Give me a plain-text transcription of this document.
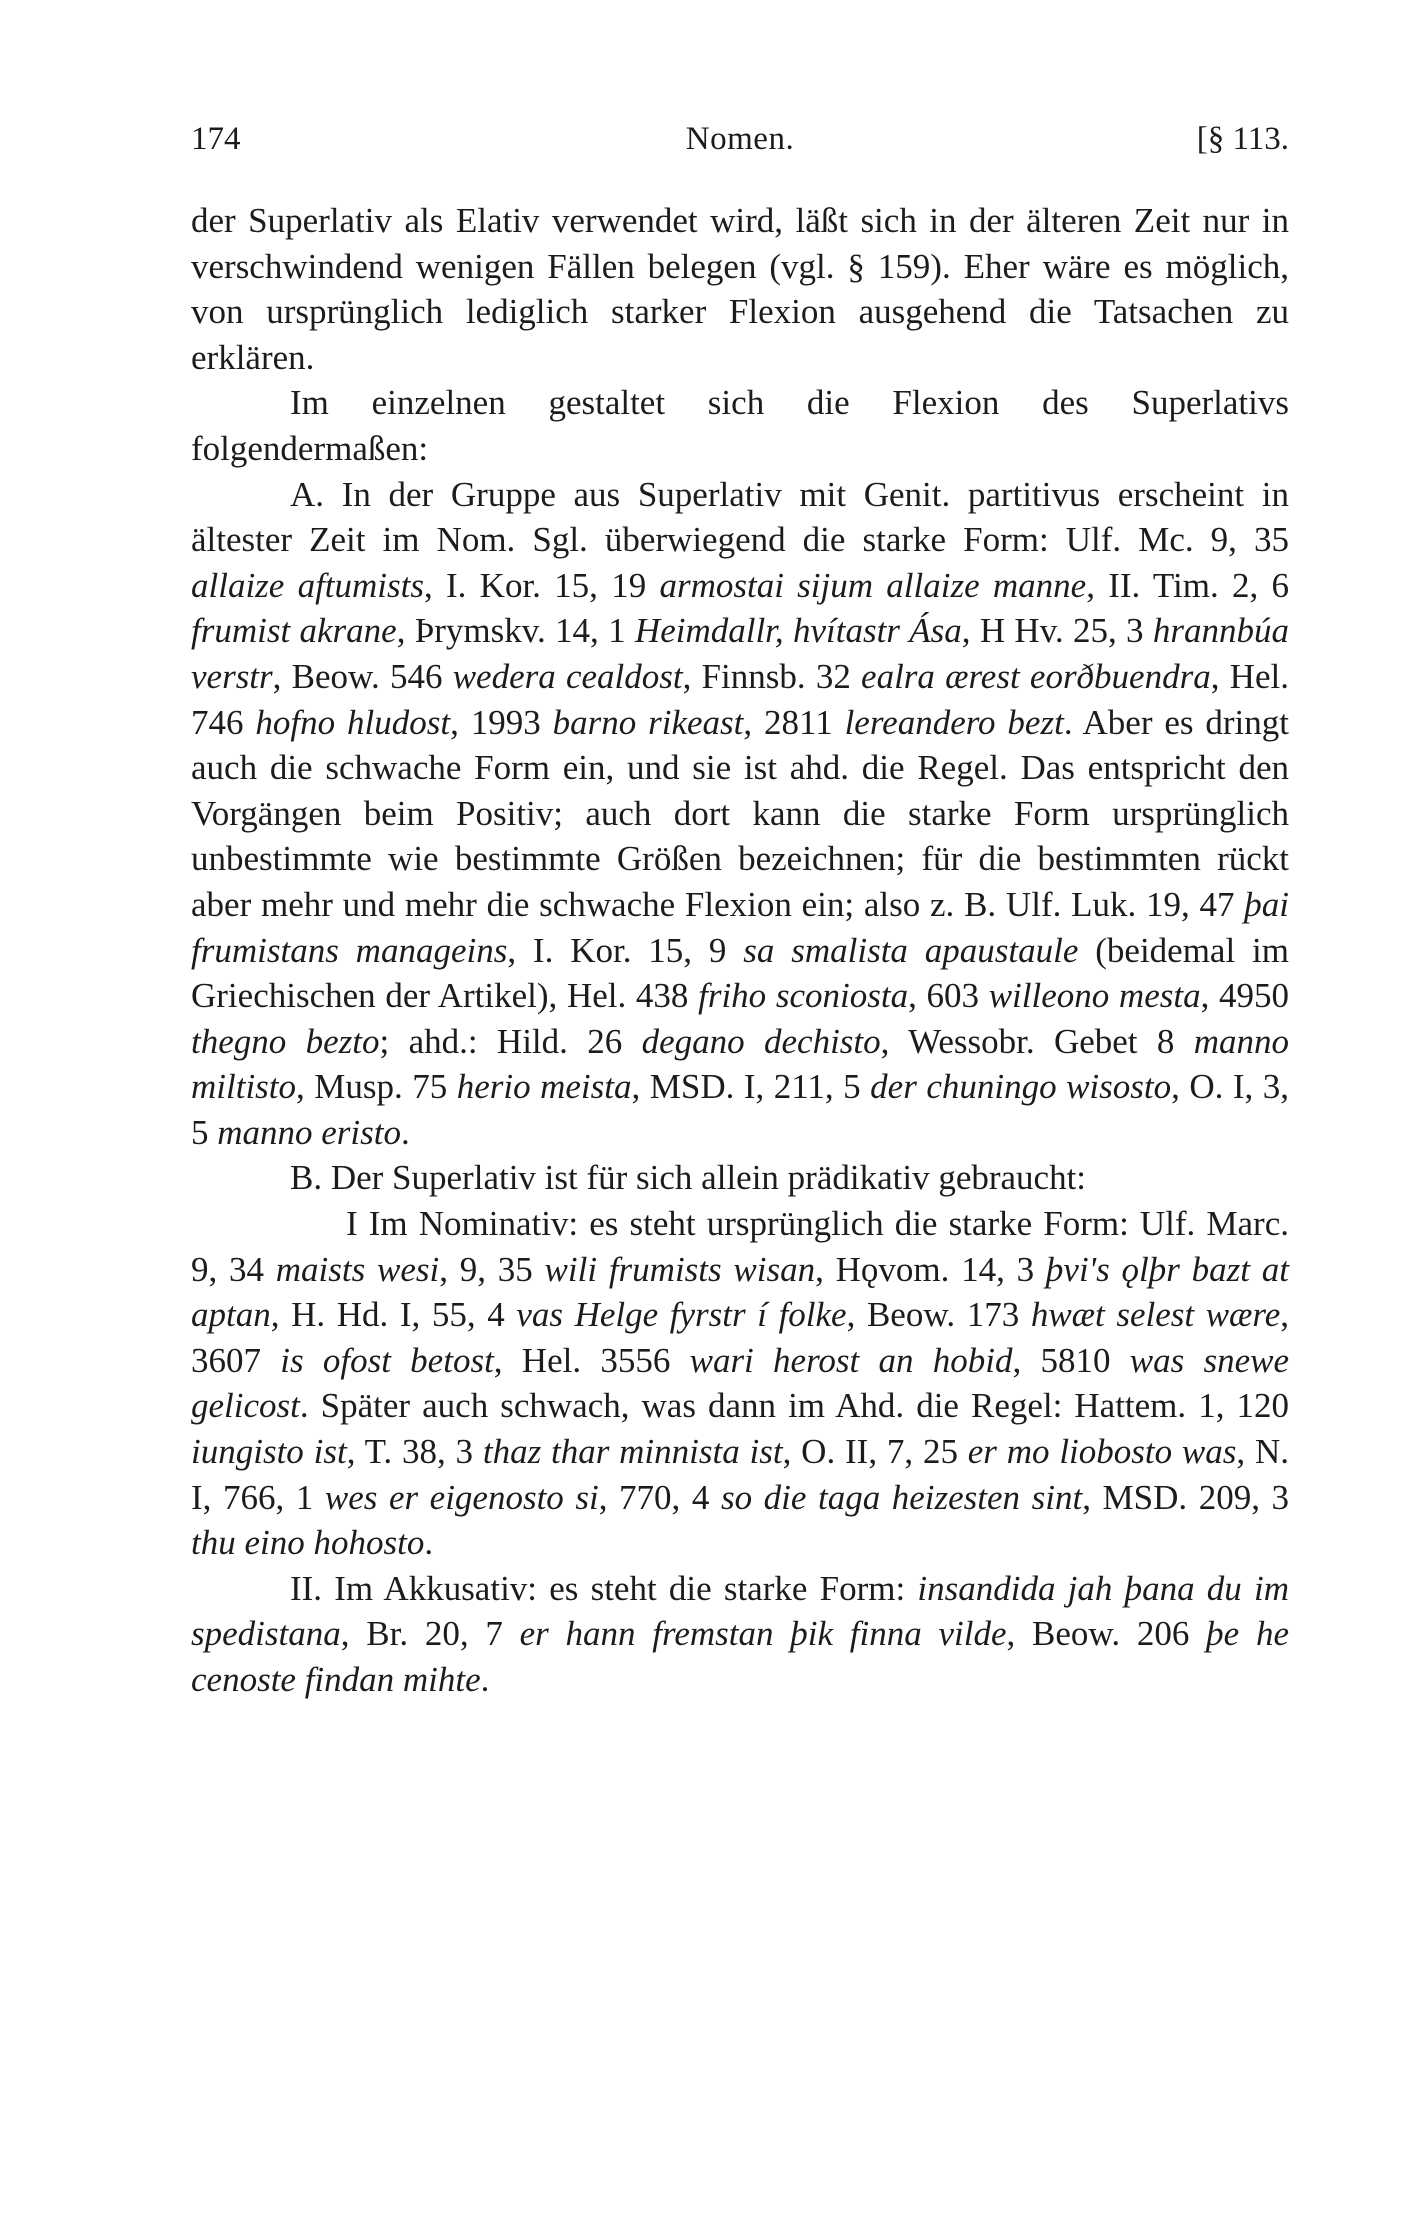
174	Nomen.	[§ 113.

der Superlativ als Elativ verwendet wird, läßt sich in der älteren Zeit nur in verschwindend wenigen Fällen belegen (vgl. § 159). Eher wäre es möglich, von ursprünglich lediglich starker Flexion ausgehend die Tatsachen zu erklären.

Im einzelnen gestaltet sich die Flexion des Superlativs folgendermaßen:

A. In der Gruppe aus Superlativ mit Genit. partitivus erscheint in ältester Zeit im Nom. Sgl. überwiegend die starke Form: Ulf. Mc. 9, 35 allaize aftumists, I. Kor. 15, 19 armostai sijum allaize manne, II. Tim. 2, 6 frumist akrane, Þrymskv. 14, 1 Heimdallr, hvítastr Ása, H Hv. 25, 3 hrannbúa verstr, Beow. 546 wedera cealdost, Finnsb. 32 ealra ærest eorðbuendra, Hel. 746 hofno hludost, 1993 barno rikeast, 2811 lereandero bezt. Aber es dringt auch die schwache Form ein, und sie ist ahd. die Regel. Das entspricht den Vorgängen beim Positiv; auch dort kann die starke Form ursprünglich unbestimmte wie bestimmte Größen bezeichnen; für die bestimmten rückt aber mehr und mehr die schwache Flexion ein; also z. B. Ulf. Luk. 19, 47 þai frumistans manageins, I. Kor. 15, 9 sa smalista apaustaule (beidemal im Griechischen der Artikel), Hel. 438 friho sconiosta, 603 willeono mesta, 4950 thegno bezto; ahd.: Hild. 26 degano dechisto, Wessobr. Gebet 8 manno miltisto, Musp. 75 herio meista, MSD. I, 211, 5 der chuningo wisosto, O. I, 3, 5 manno eristo.

B. Der Superlativ ist für sich allein prädikativ gebraucht:

I Im Nominativ: es steht ursprünglich die starke Form: Ulf. Marc. 9, 34 maists wesi, 9, 35 wili frumists wisan, Hǫvom. 14, 3 þvi's ǫlþr bazt at aptan, H. Hd. I, 55, 4 vas Helge fyrstr í folke, Beow. 173 hwæt selest wære, 3607 is ofost betost, Hel. 3556 wari herost an hobid, 5810 was snewe gelicost. Später auch schwach, was dann im Ahd. die Regel: Hattem. 1, 120 iungisto ist, T. 38, 3 thaz thar minnista ist, O. II, 7, 25 er mo liobosto was, N. I, 766, 1 wes er eigenosto si, 770, 4 so die taga heizesten sint, MSD. 209, 3 thu eino hohosto.

II. Im Akkusativ: es steht die starke Form: insandida jah þana du im spedistana, Br. 20, 7 er hann fremstan þik finna vilde, Beow. 206 þe he cenoste findan mihte.
